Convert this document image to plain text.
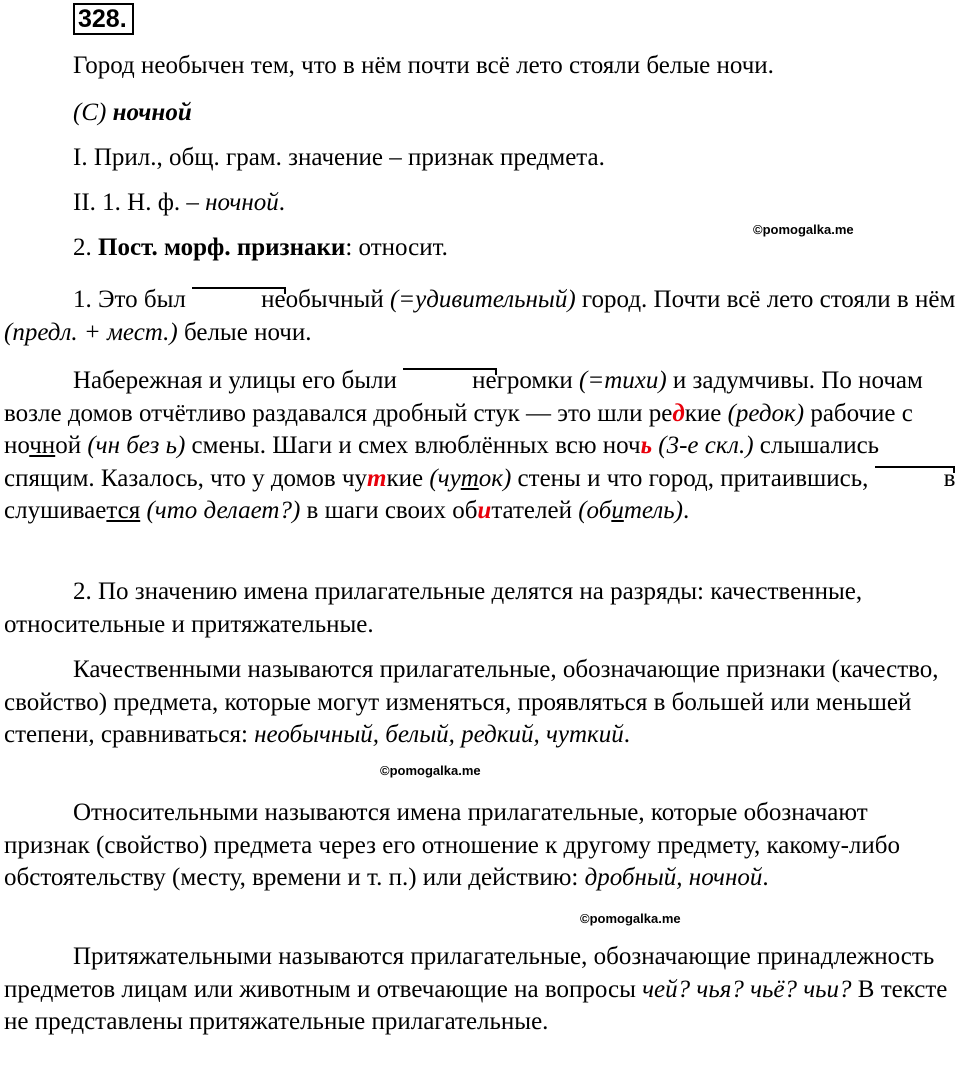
328.
Город необычен тем, что в нём почти всё лето стояли белые ночи.
(С) ночной
I. Прил., общ. грам. значение – признак предмета.
II. 1. Н. ф. – ночной.
©pomogalka.me
2. Пост. морф. признаки: относит.
1. Это был	необычный (=удивительный) город. Почти всё лето стояли в нём (предл. + мест.) белые ночи.
Набережная и улицы его были	негромки (=тихи) и задумчивы. По ночам возле домов отчётливо раздавался дробный стук — это шли редкие (редок) рабочие с ночной (чн без ь) смены. Шаги и смех влюблённых всю ночь (3-е скл.) слышались спящим. Казалось, что у домов чуткие (чуток) стены и что город, притаившись,	вслушивается (что делает?) в шаги своих обитателей (обитель).
2. По значению имена прилагательные делятся на разряды: качественные, относительные и притяжательные.
Качественными называются прилагательные, обозначающие признаки (качество, свойство) предмета, которые могут изменяться, проявляться в большей или меньшей степени, сравниваться: необычный, белый, редкий, чуткий.
©pomogalka.me
Относительными называются имена прилагательные, которые обозначают признак (свойство) предмета через его отношение к другому предмету, какому-либо обстоятельству (месту, времени и т. п.) или действию: дробный, ночной.
©pomogalka.me
Притяжательными называются прилагательные, обозначающие принадлежность предметов лицам или животным и отвечающие на вопросы чей? чья? чьё? чьи? В тексте не представлены притяжательные прилагательные.
